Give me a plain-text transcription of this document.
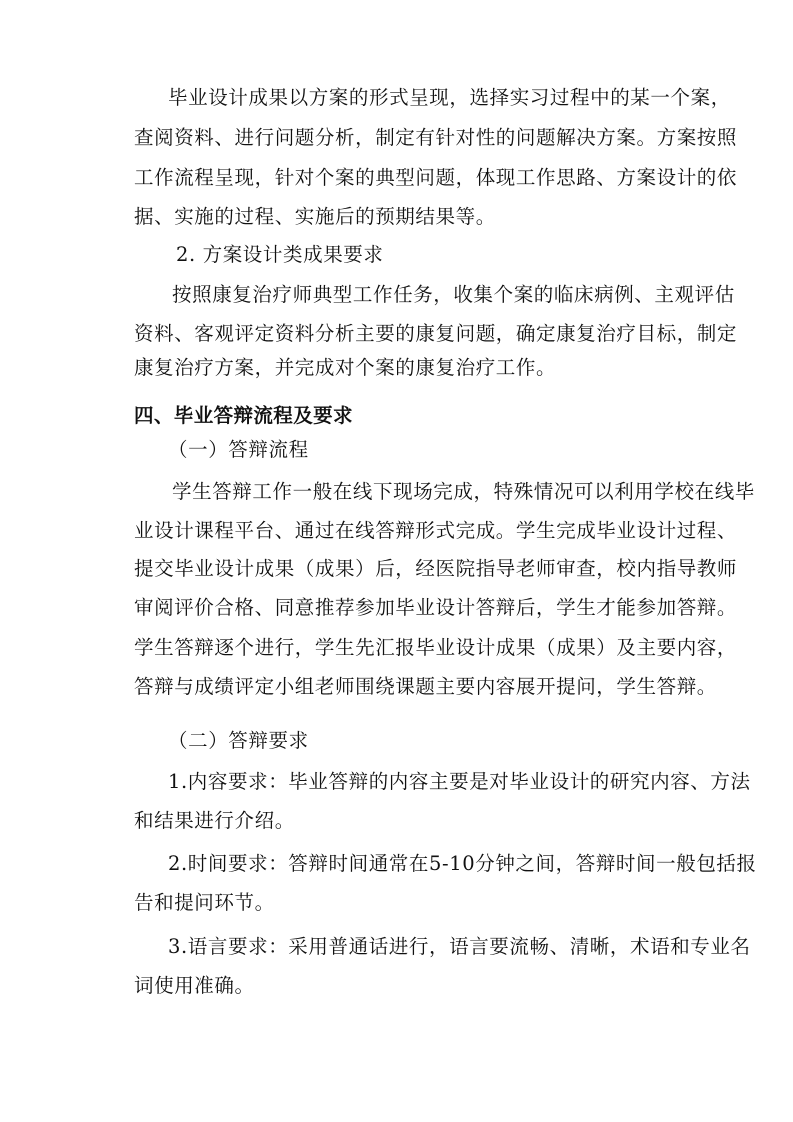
毕业设计成果以方案的形式呈现，选择实习过程中的某一个案，
查阅资料、进行问题分析，制定有针对性的问题解决方案。方案按照
工作流程呈现，针对个案的典型问题，体现工作思路、方案设计的依
据、实施的过程、实施后的预期结果等。
2. 方案设计类成果要求
按照康复治疗师典型工作任务，收集个案的临床病例、主观评估
资料、客观评定资料分析主要的康复问题，确定康复治疗目标，制定
康复治疗方案，并完成对个案的康复治疗工作。
四、毕业答辩流程及要求
（一）答辩流程
学生答辩工作一般在线下现场完成，特殊情况可以利用学校在线毕
业设计课程平台、通过在线答辩形式完成。学生完成毕业设计过程、
提交毕业设计成果（成果）后，经医院指导老师审查，校内指导教师
审阅评价合格、同意推荐参加毕业设计答辩后，学生才能参加答辩。
学生答辩逐个进行，学生先汇报毕业设计成果（成果）及主要内容，
答辩与成绩评定小组老师围绕课题主要内容展开提问，学生答辩。
（二）答辩要求
1.内容要求：毕业答辩的内容主要是对毕业设计的研究内容、方法
和结果进行介绍。
2.时间要求：答辩时间通常在5-10分钟之间，答辩时间一般包括报
告和提问环节。
3.语言要求：采用普通话进行，语言要流畅、清晰，术语和专业名
词使用准确。
